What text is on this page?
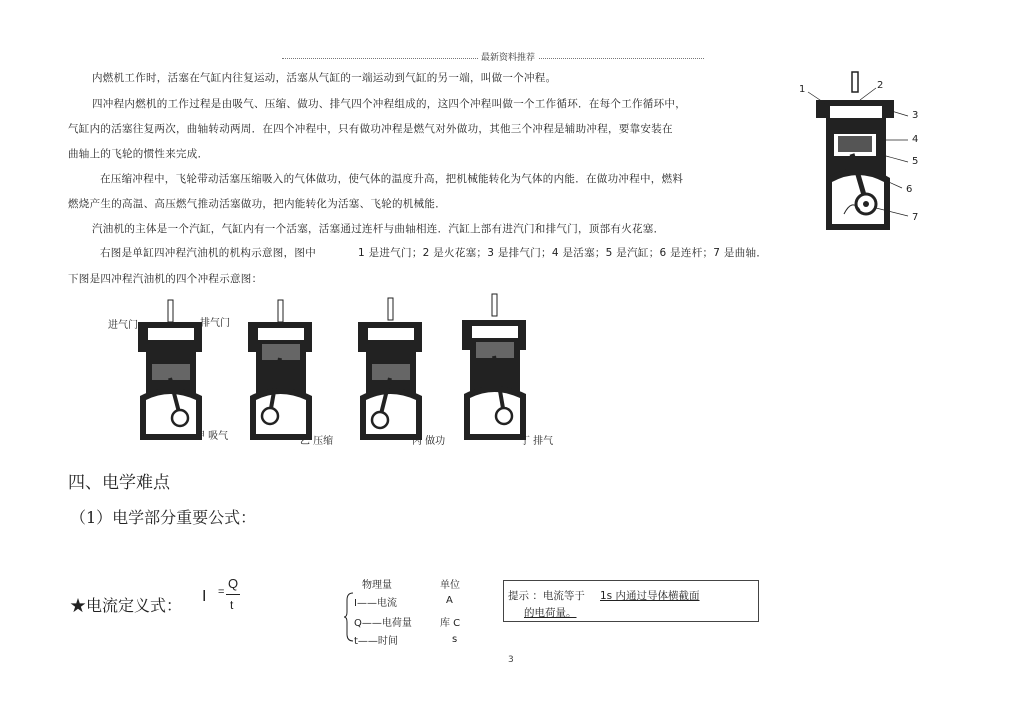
最新资料推荐
内燃机工作时，活塞在气缸内往复运动，活塞从气缸的一端运动到气缸的另一端，叫做一个冲程。
四冲程内燃机的工作过程是由吸气、压缩、做功、排气四个冲程组成的，这四个冲程叫做一个工作循环．在每个工作循环中，
气缸内的活塞往复两次，曲轴转动两周．在四个冲程中，只有做功冲程是燃气对外做功，其他三个冲程是辅助冲程，要靠安装在
曲轴上的飞轮的惯性来完成．
在压缩冲程中，飞轮带动活塞压缩吸入的气体做功，使气体的温度升高，把机械能转化为气体的内能．在做功冲程中，燃料
燃烧产生的高温、高压燃气推动活塞做功，把内能转化为活塞、飞轮的机械能．
汽油机的主体是一个汽缸，气缸内有一个活塞，活塞通过连杆与曲轴相连．汽缸上部有进汽门和排气门，顶部有火花塞．
右图是单缸四冲程汽油机的机构示意图，图中	1 是进气门；2 是火花塞；3 是排气门；4 是活塞；5 是汽缸；6 是连杆；7 是曲轴．
下图是四冲程汽油机的四个冲程示意图：
1	2
3
4
5
6
7
进气门	排气门
甲 吸气	乙 压缩	丙 做功	丁 排气
四、电学难点
（1）电学部分重要公式：
★电流定义式： I =
Q
t
物理量	单位
I——电流	A
Q——电荷量	库 C
t——时间	s
提示 ：电流等于 1s 内通过导体横截面
的电荷量。
3
